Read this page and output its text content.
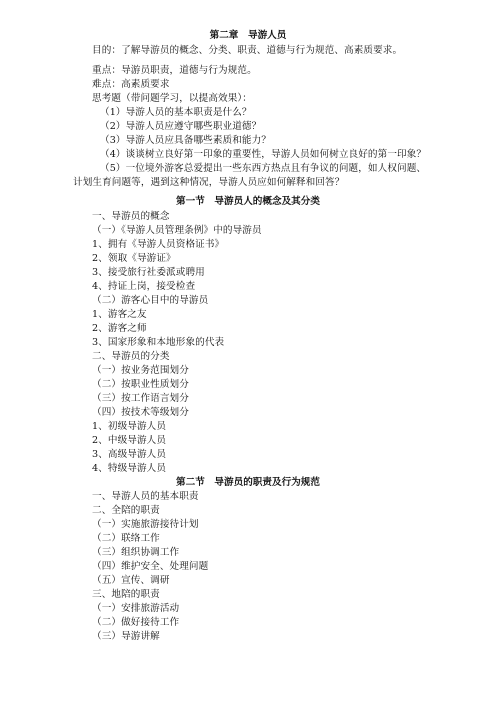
第二章　导游人员
目的：了解导游员的概念、分类、职责、道德与行为规范、高素质要求。
重点：导游员职责，道德与行为规范。
难点：高素质要求
思考题（带问题学习，以提高效果）：
（1）导游人员的基本职责是什么？
（2）导游人员应遵守哪些职业道德？
（3）导游人员应具备哪些素质和能力？
（4）谈谈树立良好第一印象的重要性，导游人员如何树立良好的第一印象？
（5）一位境外游客总爱提出一些东西方热点且有争议的问题，如人权问题、
计划生育问题等，遇到这种情况，导游人员应如何解释和回答？
第一节　导游员人的概念及其分类
一、导游员的概念
（一）《导游人员管理条例》中的导游员
1、拥有《导游人员资格证书》
2、领取《导游证》
3、接受旅行社委派或聘用
4、持证上岗，接受检查
（二）游客心目中的导游员
1、游客之友
2、游客之师
3、国家形象和本地形象的代表
二、导游员的分类
（一）按业务范围划分
（二）按职业性质划分
（三）按工作语言划分
（四）按技术等级划分
1、初级导游人员
2、中级导游人员
3、高级导游人员
4、特级导游人员
第二节　导游员的职责及行为规范
一、导游人员的基本职责
二、全陪的职责
（一）实施旅游接待计划
（二）联络工作
（三）组织协调工作
（四）维护安全、处理问题
（五）宣传、调研
三、地陪的职责
（一）安排旅游活动
（二）做好接待工作
（三）导游讲解
